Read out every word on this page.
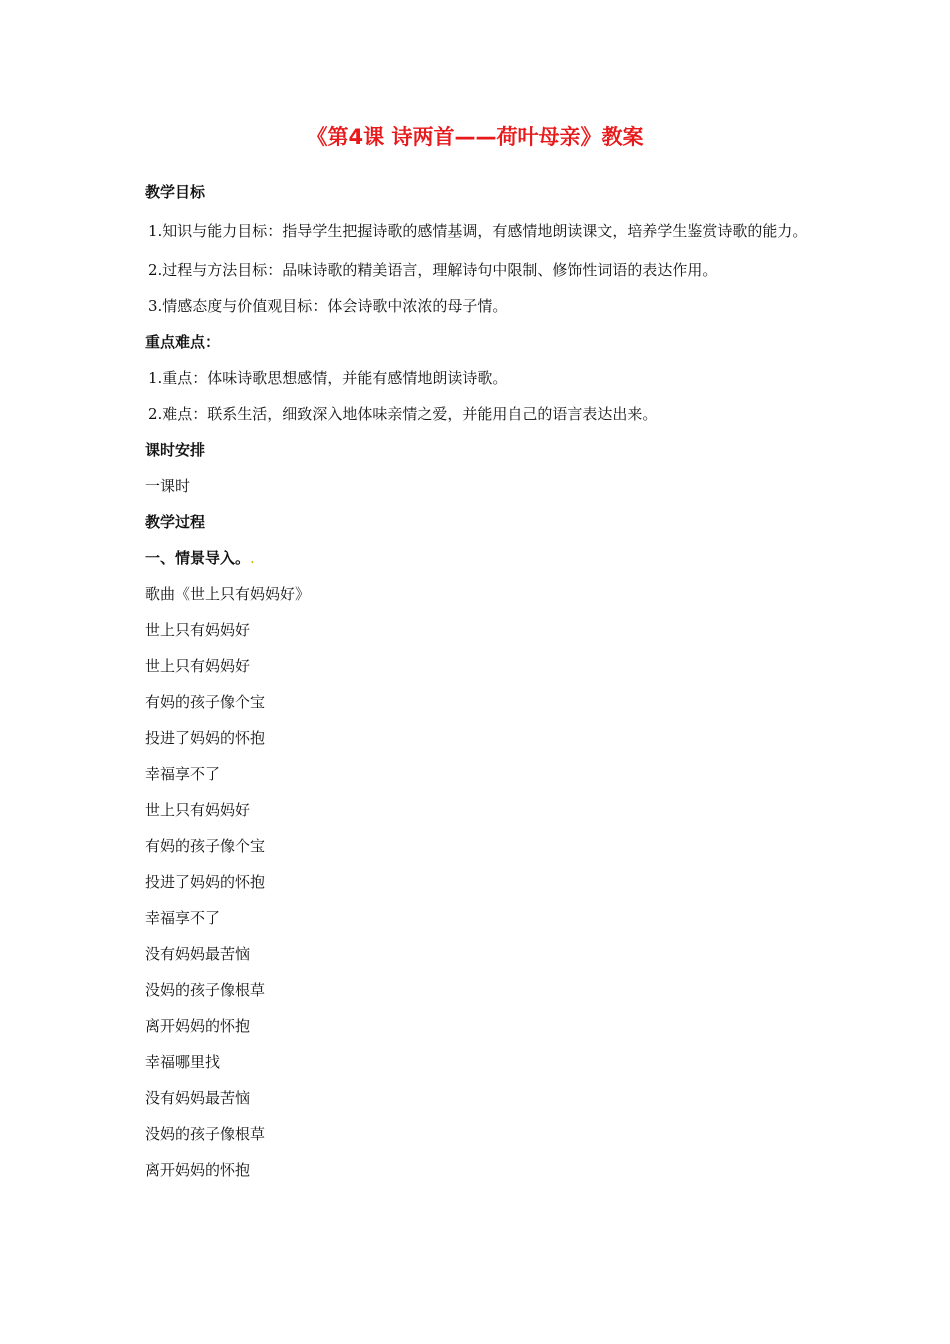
《第4课 诗两首——荷叶母亲》教案
教学目标
1.知识与能力目标：指导学生把握诗歌的感情基调，有感情地朗读课文，培养学生鉴赏诗歌的能力。
2.过程与方法目标：品味诗歌的精美语言，理解诗句中限制、修饰性词语的表达作用。
3.情感态度与价值观目标：体会诗歌中浓浓的母子情。
重点难点：
1.重点：体味诗歌思想感情，并能有感情地朗读诗歌。
2.难点：联系生活，细致深入地体味亲情之爱，并能用自己的语言表达出来。
课时安排
一课时
教学过程
一、情景导入。.
歌曲《世上只有妈妈好》
世上只有妈妈好
世上只有妈妈好
有妈的孩子像个宝
投进了妈妈的怀抱
幸福享不了
世上只有妈妈好
有妈的孩子像个宝
投进了妈妈的怀抱
幸福享不了
没有妈妈最苦恼
没妈的孩子像根草
离开妈妈的怀抱
幸福哪里找
没有妈妈最苦恼
没妈的孩子像根草
离开妈妈的怀抱
